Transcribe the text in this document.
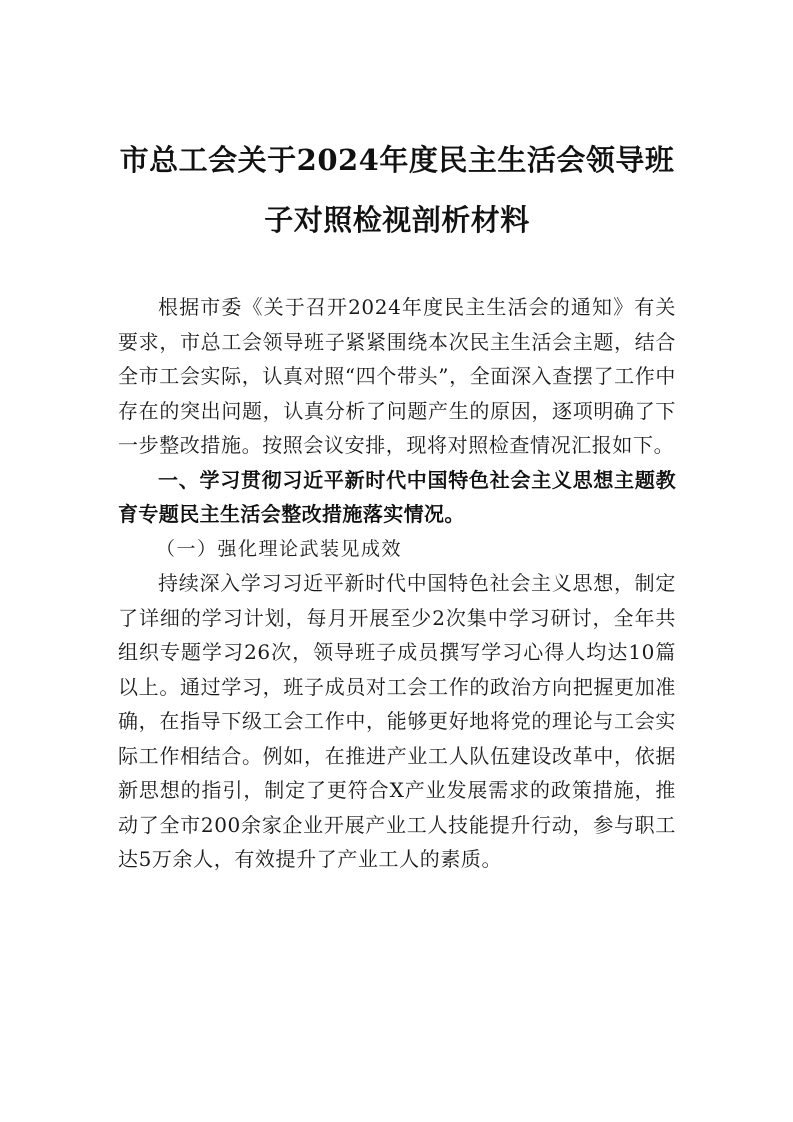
市总工会关于2024年度民主生活会领导班
子对照检视剖析材料

根据市委《关于召开2024年度民主生活会的通知》有关要求，市总工会领导班子紧紧围绕本次民主生活会主题，结合全市工会实际，认真对照“四个带头”，全面深入查摆了工作中存在的突出问题，认真分析了问题产生的原因，逐项明确了下一步整改措施。按照会议安排，现将对照检查情况汇报如下。

一、学习贯彻习近平新时代中国特色社会主义思想主题教育专题民主生活会整改措施落实情况。

（一）强化理论武装见成效

持续深入学习习近平新时代中国特色社会主义思想，制定了详细的学习计划，每月开展至少2次集中学习研讨，全年共组织专题学习26次，领导班子成员撰写学习心得人均达10篇以上。通过学习，班子成员对工会工作的政治方向把握更加准确，在指导下级工会工作中，能够更好地将党的理论与工会实际工作相结合。例如，在推进产业工人队伍建设改革中，依据新思想的指引，制定了更符合X产业发展需求的政策措施，推动了全市200余家企业开展产业工人技能提升行动，参与职工达5万余人，有效提升了产业工人的素质。
